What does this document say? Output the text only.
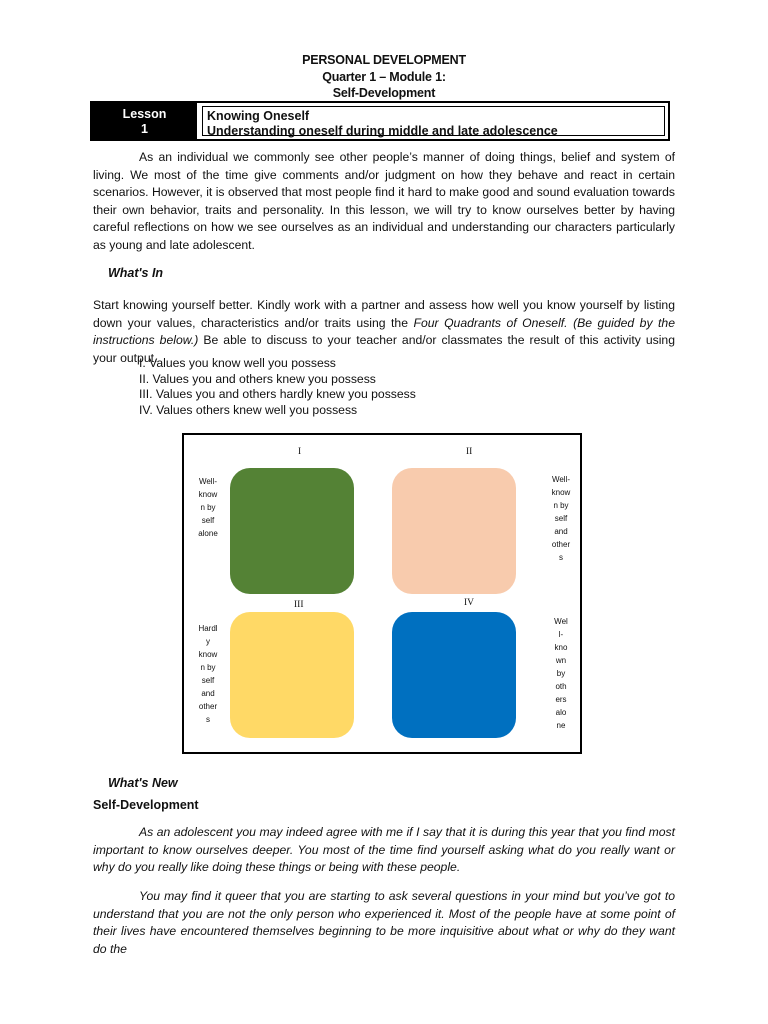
PERSONAL DEVELOPMENT
Quarter 1 – Module 1:
Self-Development
Lesson
1
Knowing Oneself
Understanding oneself during middle and late adolescence

As an individual we commonly see other people’s manner of doing things, belief and system of living. We most of the time give comments and/or judgment on how they behave and react in certain scenarios. However, it is observed that most people find it hard to make good and sound evaluation towards their own behavior, traits and personality. In this lesson, we will try to know ourselves better by having careful reflections on how we see ourselves as an individual and understanding our characters particularly as young and late adolescent.

What's In

Start knowing yourself better. Kindly work with a partner and assess how well you know yourself by listing down your values, characteristics and/or traits using the Four Quadrants of Oneself. (Be guided by the instructions below.) Be able to discuss to your teacher and/or classmates the result of this activity using your output.

I. Values you know well you possess
II. Values you and others knew you possess
III. Values you and others hardly knew you possess
IV. Values others knew well you possess
I	II
III	IV
Well-
know
n by
self
alone
Well-
know
n by
self
and
other
s
Hardl
y
know
n by
self
and
other
s
Wel
l-
kno
wn
by
oth
ers
alo
ne
What's New
Self-Development

As an adolescent you may indeed agree with me if I say that it is during this year that you find most important to know ourselves deeper. You most of the time find yourself asking what do you really want or why do you really like doing these things or being with these people.

You may find it queer that you are starting to ask several questions in your mind but you’ve got to understand that you are not the only person who experienced it. Most of the people have at some point of their lives have encountered themselves beginning to be more inquisitive about what or why do they want do the
